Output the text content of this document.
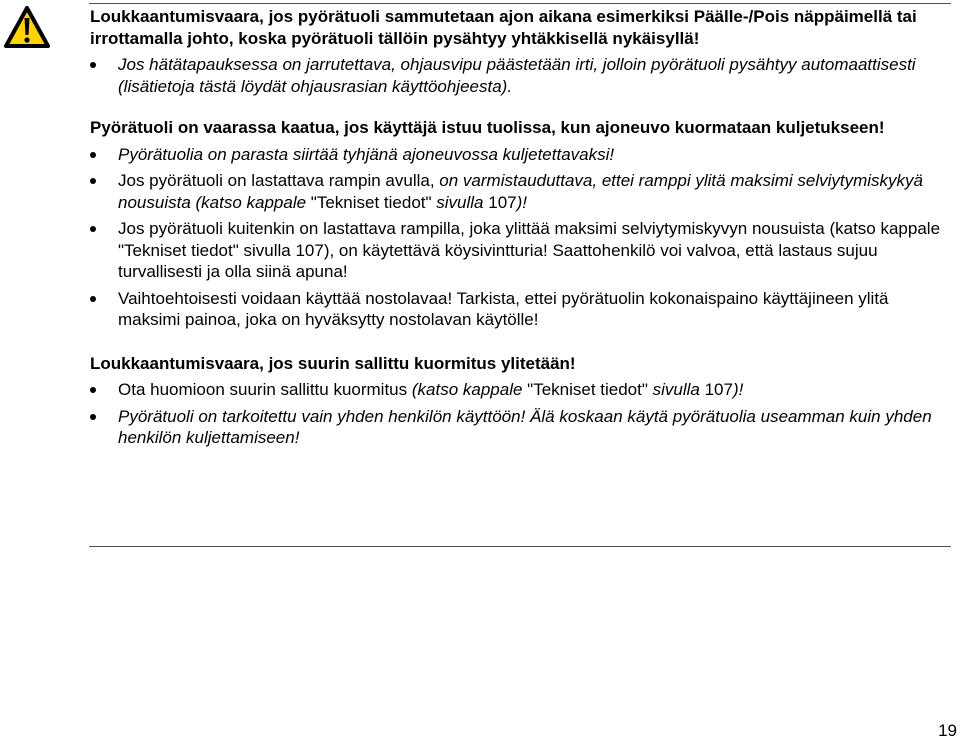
Loukkaantumisvaara, jos pyörätuoli sammutetaan ajon aikana esimerkiksi Päälle-/Pois näppäimellä tai irrottamalla johto, koska pyörätuoli tällöin pysähtyy yhtäkkisellä nykäisyllä!

Jos hätätapauksessa on jarrutettava, ohjausvipu päästetään irti, jolloin pyörätuoli pysähtyy automaattisesti (lisätietoja tästä löydät ohjausrasian käyttöohjeesta).

Pyörätuoli on vaarassa kaatua, jos käyttäjä istuu tuolissa, kun ajoneuvo kuormataan kuljetukseen!

Pyörätuolia on parasta siirtää tyhjänä ajoneuvossa kuljetettavaksi!
Jos pyörätuoli on lastattava rampin avulla, on varmistauduttava, ettei ramppi ylitä maksimi selviytymiskykyä nousuista (katso kappale "Tekniset tiedot" sivulla 107)!
Jos pyörätuoli kuitenkin on lastattava rampilla, joka ylittää maksimi selviytymiskyvyn nousuista (katso kappale "Tekniset tiedot" sivulla 107), on käytettävä köysivintturia! Saattohenkilö voi valvoa, että lastaus sujuu turvallisesti ja olla siinä apuna!
Vaihtoehtoisesti voidaan käyttää nostolavaa! Tarkista, ettei pyörätuolin kokonaispaino käyttäjineen ylitä maksimi painoa, joka on hyväksytty nostolavan käytölle!

Loukkaantumisvaara, jos suurin sallittu kuormitus ylitetään!

Ota huomioon suurin sallittu kuormitus (katso kappale "Tekniset tiedot" sivulla 107)!
Pyörätuoli on tarkoitettu vain yhden henkilön käyttöön! Älä koskaan käytä pyörätuolia useamman kuin yhden henkilön kuljettamiseen!
19
